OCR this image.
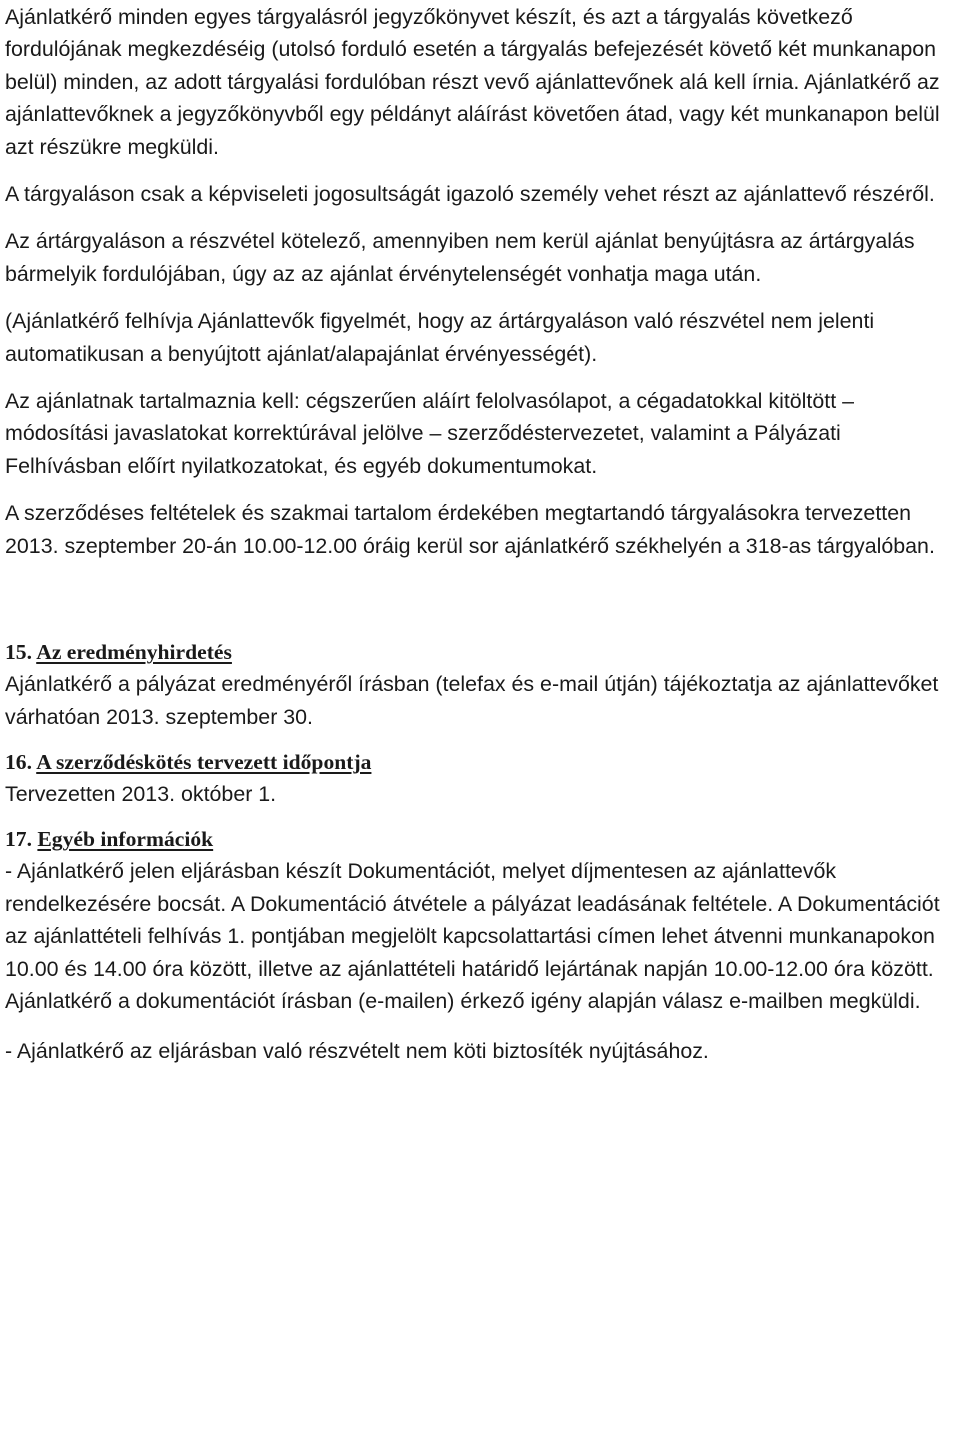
Ajánlatkérő minden egyes tárgyalásról jegyzőkönyvet készít, és azt a tárgyalás következő fordulójának megkezdéséig (utolsó forduló esetén a tárgyalás befejezését követő két munkanapon belül) minden, az adott tárgyalási fordulóban részt vevő ajánlattevőnek alá kell írnia. Ajánlatkérő az ajánlattevőknek a jegyzőkönyvből egy példányt aláírást követően átad, vagy két munkanapon belül azt részükre megküldi.

A tárgyaláson csak a képviseleti jogosultságát igazoló személy vehet részt az ajánlattevő részéről.

Az ártárgyaláson a részvétel kötelező, amennyiben nem kerül ajánlat benyújtásra az ártárgyalás bármelyik fordulójában, úgy az az ajánlat érvénytelenségét vonhatja maga után.

(Ajánlatkérő felhívja Ajánlattevők figyelmét, hogy az ártárgyaláson való részvétel nem jelenti automatikusan a benyújtott ajánlat/alapajánlat érvényességét).

Az ajánlatnak tartalmaznia kell: cégszerűen aláírt felolvasólapot, a cégadatokkal kitöltött – módosítási javaslatokat korrektúrával jelölve – szerződéstervezetet, valamint a Pályázati Felhívásban előírt nyilatkozatokat, és egyéb dokumentumokat.

A szerződéses feltételek és szakmai tartalom érdekében megtartandó tárgyalásokra tervezetten 2013. szeptember 20-án 10.00-12.00 óráig kerül sor ajánlatkérő székhelyén a 318-as tárgyalóban.

15. Az eredményhirdetés

Ajánlatkérő a pályázat eredményéről írásban (telefax és e-mail útján) tájékoztatja az ajánlattevőket várhatóan 2013. szeptember 30.

16. A szerződéskötés tervezett időpontja

Tervezetten 2013. október 1.

17. Egyéb információk

- Ajánlatkérő jelen eljárásban készít Dokumentációt, melyet díjmentesen az ajánlattevők rendelkezésére bocsát. A Dokumentáció átvétele a pályázat leadásának feltétele. A Dokumentációt az ajánlattételi felhívás 1. pontjában megjelölt kapcsolattartási címen lehet átvenni munkanapokon 10.00 és 14.00 óra között, illetve az ajánlattételi határidő lejártának napján 10.00-12.00 óra között. Ajánlatkérő a dokumentációt írásban (e-mailen) érkező igény alapján válasz e-mailben megküldi.

- Ajánlatkérő az eljárásban való részvételt nem köti biztosíték nyújtásához.
